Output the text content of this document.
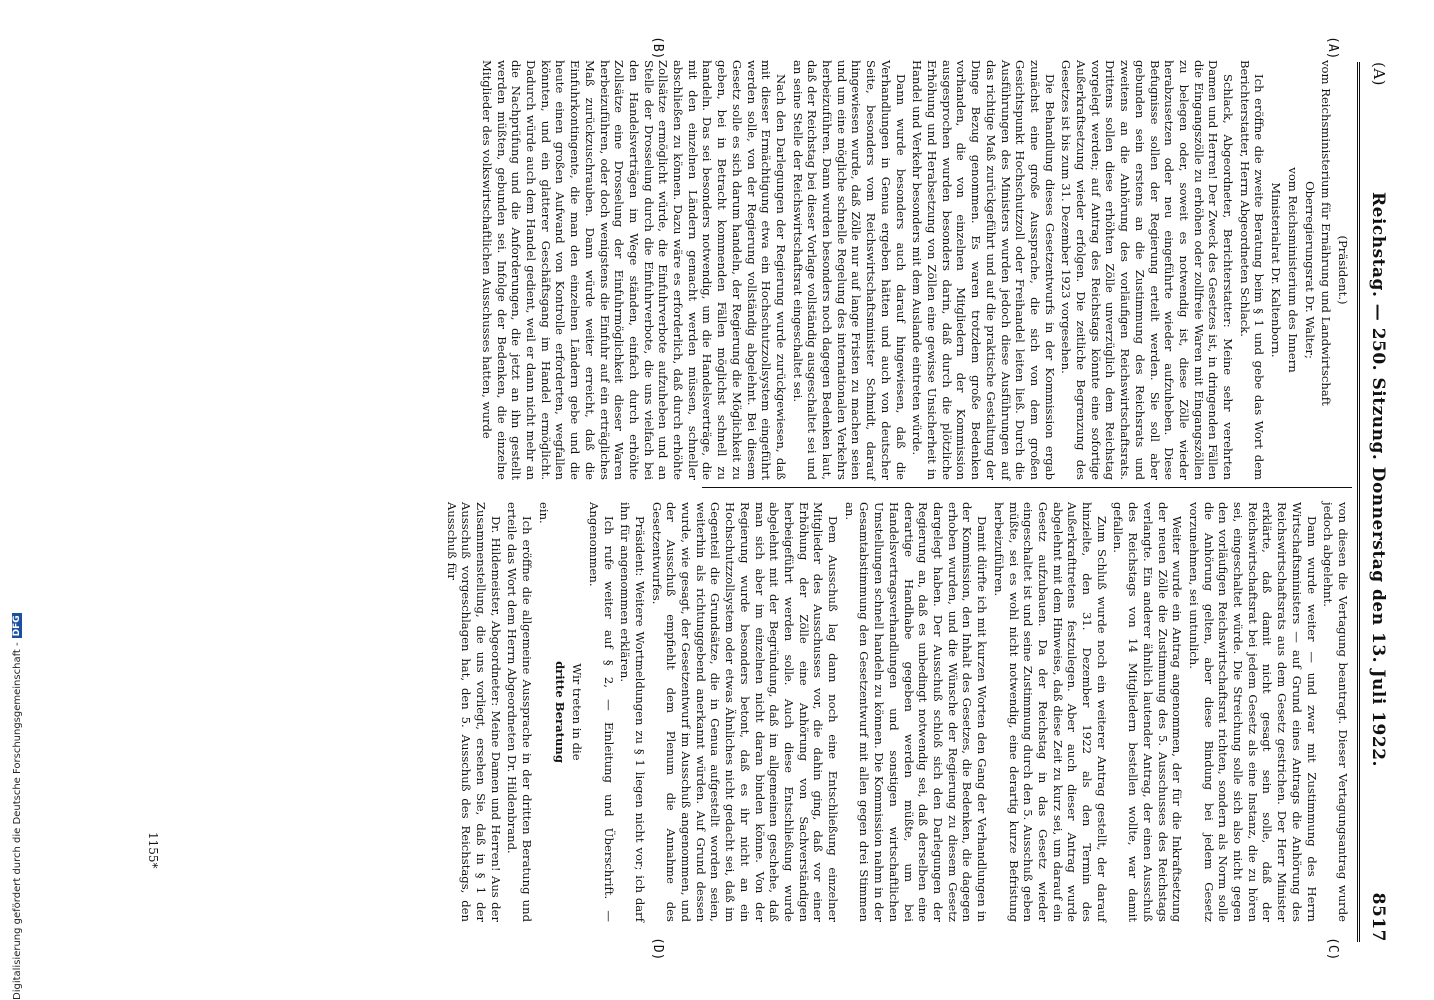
(A)
Reichstag. — 250. Sitzung. Donnerstag den 13. Juli 1922.
8517

(Präsident.)

vom Reichsministerium für Ernährung und Landwirtschaft

Oberregierungsrat Dr. Walter;

vom Reichsministerium des Innern

Ministerialrat Dr. Kaltenborn.

Ich eröffne die zweite Beratung beim § 1 und gebe das Wort dem Berichterstatter, Herrn Abgeordneten Schlack.

Schlack, Abgeordneter, Berichterstatter: Meine sehr verehrten Damen und Herren! Der Zweck des Gesetzes ist, in dringenden Fällen die Eingangszölle zu erhöhen oder zollfreie Waren mit Eingangszöllen zu belegen oder, soweit es notwendig ist, diese Zölle wieder herabzusetzen oder neu eingeführte wieder aufzuheben. Diese Befugnisse sollen der Regierung erteilt werden. Sie soll aber gebunden sein erstens an die Zustimmung des Reichsrats und zweitens an die Anhörung des vorläufigen Reichswirtschaftsrats. Drittens sollen diese erhöhten Zölle unverzüglich dem Reichstag vorgelegt werden; auf Antrag des Reichstags könnte eine sofortige Außerkraftsetzung wieder erfolgen. Die zeitliche Begrenzung des Gesetzes ist bis zum 31. Dezember 1923 vorgesehen.

Die Behandlung dieses Gesetzentwurfs in der Kommission ergab zunächst eine große Aussprache, die sich von dem großen Gesichtspunkt Hochschutzzoll oder Freihandel leiten ließ. Durch die Ausführungen des Ministers wurden jedoch diese Ausführungen auf das richtige Maß zurückgeführt und auf die praktische Gestaltung der Dinge Bezug genommen. Es waren trotzdem große Bedenken vorhanden, die von einzelnen Mitgliedern der Kommission ausgesprochen wurden besonders darin, daß durch die plötzliche Erhöhung und Herabsetzung von Zöllen eine gewisse Unsicherheit in Handel und Verkehr besonders mit dem Auslande eintreten würde.

Dann wurde besonders auch darauf hingewiesen, daß die Verhandlungen in Genua ergeben hätten und auch von deutscher Seite, besonders vom Reichswirtschaftsminister Schmidt, darauf hingewiesen wurde, daß Zölle nur auf lange Fristen zu machen seien und um eine mögliche schnelle Regelung des internationalen Verkehrs herbeizuführen. Dann wurden besonders noch dagegen Bedenken laut, daß der Reichstag bei dieser Vorlage vollständig ausgeschaltet sei und an seine Stelle der Reichswirtschaftsrat eingeschaltet sei.

Nach den Darlegungen der Regierung wurde zurückgewiesen, daß mit dieser Ermächtigung etwa ein Hochschutzzollsystem eingeführt werden solle, von der Regierung vollständig abgelehnt. Bei diesem Gesetz solle es sich darum handeln, der Regierung die Möglichkeit zu geben, bei in Betracht kommenden Fällen möglichst schnell zu handeln. Das sei besonders notwendig, um die Handelsverträge, die mit den einzelnen Ländern gemacht werden müssen, schneller abschließen zu können. Dazu wäre es erforderlich, daß durch erhöhte Zollsätze ermöglicht würde, die Einfuhrverbote aufzuheben und an Stelle der Drosselung durch die Einfuhrverbote, die uns vielfach bei den Handelsverträgen im Wege ständen, einfach durch erhöhte Zollsätze eine Drosselung der Einfuhrmöglichkeit dieser Waren herbeizuführen, oder doch wenigstens die Einfuhr auf ein erträgliches Maß zurückzuschrauben. Dann würde weiter erreicht, daß die Einfuhrkontingente, die man den einzelnen Ländern gebe und die heute einen großen Aufwand von Kontrolle erforderten, wegfallen könnten, und ein glatterer Geschäftsgang im Handel ermöglicht. Dadurch würde auch dem Handel gedient, weil er dann nicht mehr an die Nachprüfung und die Anforderungen, die jetzt an ihn gestellt werden müßten, gebunden sei. Infolge der Bedenken, die einzelne Mitglieder des volkswirtschaftlichen Ausschusses hatten, wurde

von diesen die Vertagung beantragt. Dieser Vertagungsantrag wurde jedoch abgelehnt.

Dann wurde weiter — und zwar mit Zustimmung des Herrn Wirtschaftsministers — auf Grund eines Antrags die Anhörung des Reichswirtschaftsrats aus dem Gesetz gestrichen. Der Herr Minister erklärte, daß damit nicht gesagt sein solle, daß der Reichswirtschaftsrat bei jedem Gesetz als eine Instanz, die zu hören sei, eingeschaltet würde. Die Streichung solle sich also nicht gegen den vorläufigen Reichswirtschaftsrat richten, sondern als Norm solle die Anhörung gelten, aber diese Bindung bei jedem Gesetz vorzunehmen, sei untunlich.

Weiter wurde ein Antrag angenommen, der für die Inkraftsetzung der neuen Zölle die Zustimmung des 5. Ausschusses des Reichstags verlangte. Ein anderer ähnlich lautender Antrag, der einen Ausschuß des Reichstags von 14 Mitgliedern bestellen wollte, war damit gefallen.

Zum Schluß wurde noch ein weiterer Antrag gestellt, der darauf hinzielte, den 31. Dezember 1922 als den Termin des Außerkrafttretens festzulegen. Aber auch dieser Antrag wurde abgelehnt mit dem Hinweise, daß diese Zeit zu kurz sei, um darauf ein Gesetz aufzubauen. Da der Reichstag in das Gesetz wieder eingeschaltet ist und seine Zustimmung durch den 5. Ausschuß geben müßte, sei es wohl nicht notwendig, eine derartig kurze Befristung herbeizuführen.

Damit dürfte ich mit kurzen Worten den Gang der Verhandlungen in der Kommission, den Inhalt des Gesetzes, die Bedenken, die dagegen erhoben wurden, und die Wünsche der Regierung zu diesem Gesetz dargelegt haben. Der Ausschuß schloß sich den Darlegungen der Regierung an, daß es unbedingt notwendig sei, daß derselben eine derartige Handhabe gegeben werden müßte, um bei Handelsvertragsverhandlungen und sonstigen wirtschaftlichen Umstellungen schnell handeln zu können. Die Kommission nahm in der Gesamtabstimmung den Gesetzentwurf mit allen gegen drei Stimmen an.

Dem Ausschuß lag dann noch eine Entschließung einzelner Mitglieder des Ausschusses vor, die dahin ging, daß vor einer Erhöhung der Zölle eine Anhörung von Sachverständigen herbeigeführt werden solle. Auch diese Entschließung wurde abgelehnt mit der Begründung, daß im allgemeinen geschehe, daß man sich aber im einzelnen nicht daran binden könne. Von der Regierung wurde besonders betont, daß es ihr nicht an ein Hochschutzzollsystem oder etwas Ähnliches nicht gedacht sei, daß im Gegenteil die Grundsätze, die in Genua aufgestellt worden seien, weiterhin als richtunggebend anerkannt würden. Auf Grund dessen wurde, wie gesagt, der Gesetzentwurf im Ausschuß angenommen, und der Ausschuß empfiehlt dem Plenum die Annahme des Gesetzentwurfes.

Präsident: Weitere Wortmeldungen zu § 1 liegen nicht vor; ich darf ihn für angenommen erklären.

Ich rufe weiter auf § 2, — Einleitung und Überschrift. — Angenommen.

Wir treten in die

dritte Beratung

ein.

Ich eröffne die allgemeine Aussprache in der dritten Beratung und erteile das Wort dem Herrn Abgeordneten Dr. Hildenbrand.

Dr. Hildemeister, Abgeordneter: Meine Damen und Herren! Aus der Zusammenstellung, die uns vorliegt, ersehen Sie, daß in § 1 der Ausschuß vorgeschlagen hat, den 5. Ausschuß des Reichstags, den Ausschuß für

(A)
(B)
(C)
(D)
1155*
Digitalisierung gefördert durch die Deutsche Forschungsgemeinschaft -
DFG
